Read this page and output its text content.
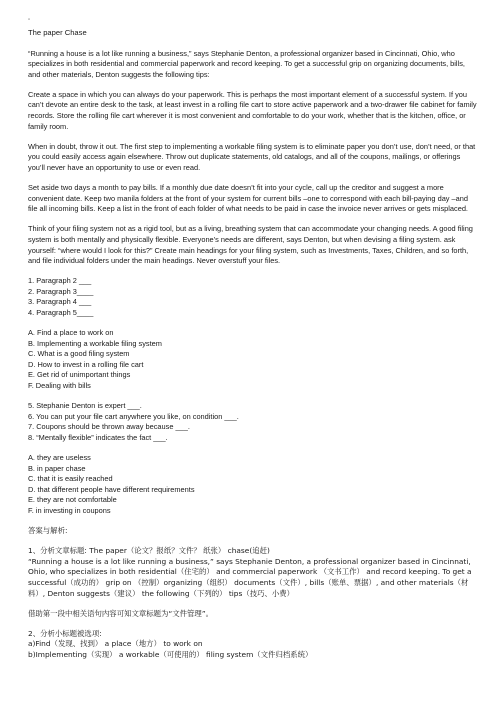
▫
The paper Chase

“Running a house is a lot like running a business,” says Stephanie Denton, a professional organizer based in Cincinnati, Ohio, who specializes in both residential and commercial paperwork and record keeping. To get a successful grip on organizing documents, bills, and other materials, Denton suggests the following tips:

Create a space in which you can always do your paperwork. This is perhaps the most important element of a successful system. If you can’t devote an entire desk to the task, at least invest in a rolling file cart to store active paperwork and a two-drawer file cabinet for family records. Store the rolling file cart wherever it is most convenient and comfortable to do your work, whether that is the kitchen, office, or family room.

When in doubt, throw it out. The first step to implementing a workable filing system is to eliminate paper you don’t use, don’t need, or that you could easily access again elsewhere. Throw out duplicate statements, old catalogs, and all of the coupons, mailings, or offerings you’ll never have an opportunity to use or even read.

Set aside two days a month to pay bills. If a monthly due date doesn’t fit into your cycle, call up the creditor and suggest a more convenient date. Keep two manila folders at the front of your system for current bills –one to correspond with each bill-paying day –and file all incoming bills. Keep a list in the front of each folder of what needs to be paid in case the invoice never arrives or gets misplaced.

Think of your filing system not as a rigid tool, but as a living, breathing system that can accommodate your changing needs. A good filing system is both mentally and physically flexible. Everyone’s needs are different, says Denton, but when devising a filing system. ask yourself: “where would I look for this?” Create main headings for your filing system, such as Investments, Taxes, Children, and so forth, and file individual folders under the main headings. Never overstuff your files.

1. Paragraph 2 ___
2. Paragraph 3____
3. Paragraph 4 ___
4. Paragraph 5____
A. Find a place to work on
B. Implementing a workable filing system
C. What is a good filing system
D. How to invest in a rolling file cart
E. Get rid of unimportant things
F. Dealing with bills
5. Stephanie Denton is expert ___.
6. You can put your file cart anywhere you like, on condition ___.
7. Coupons should be thrown away because ___.
8. “Mentally flexible” indicates the fact ___.
A. they are useless
B. in paper chase
C. that it is easily reached
D. that different people have different requirements
E. they are not comfortable
F. in investing in coupons

答案与解析:

1、分析文章标题: The paper（论文？报纸？文件？ 纸张） chase(追赶)
“Running a house is a lot like running a business,” says Stephanie Denton, a professional organizer based in Cincinnati, Ohio, who specializes in both residential（住宅的） and commercial paperwork （文书工作） and record keeping. To get a successful（成功的） grip on （控制）organizing（组织） documents（文件）, bills（账单、票据）, and other materials（材料）, Denton suggests（建议） the following（下列的） tips（技巧、小费）

借助第一段中相关语句内容可知文章标题为“文件管理”。

2、分析小标题被选项:
a)Find（发现、找到） a place（地方） to work on
b)Implementing（实现） a workable（可使用的） filing system（文件归档系统）
